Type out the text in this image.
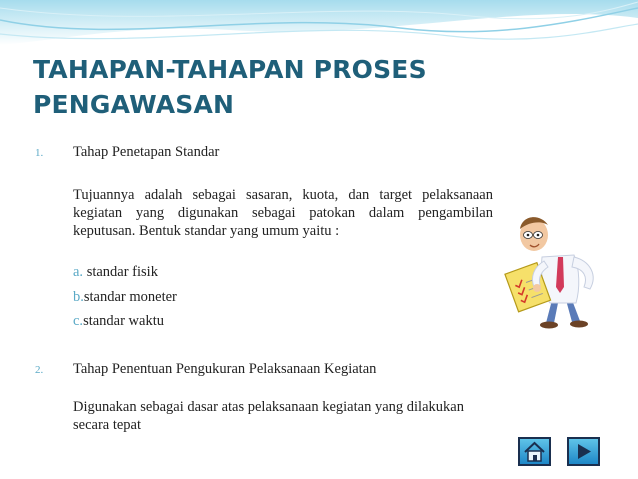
TAHAPAN-TAHAPAN PROSES PENGAWASAN
1. Tahap Penetapan Standar

Tujuannya adalah sebagai sasaran, kuota, dan target pelaksanaan kegiatan yang digunakan sebagai patokan dalam pengambilan keputusan. Bentuk standar yang umum yaitu :

a. standar fisik
b.standar moneter
c.standar waktu
2. Tahap Penentuan Pengukuran Pelaksanaan Kegiatan

Digunakan sebagai dasar atas pelaksanaan kegiatan yang dilakukan secara tepat
